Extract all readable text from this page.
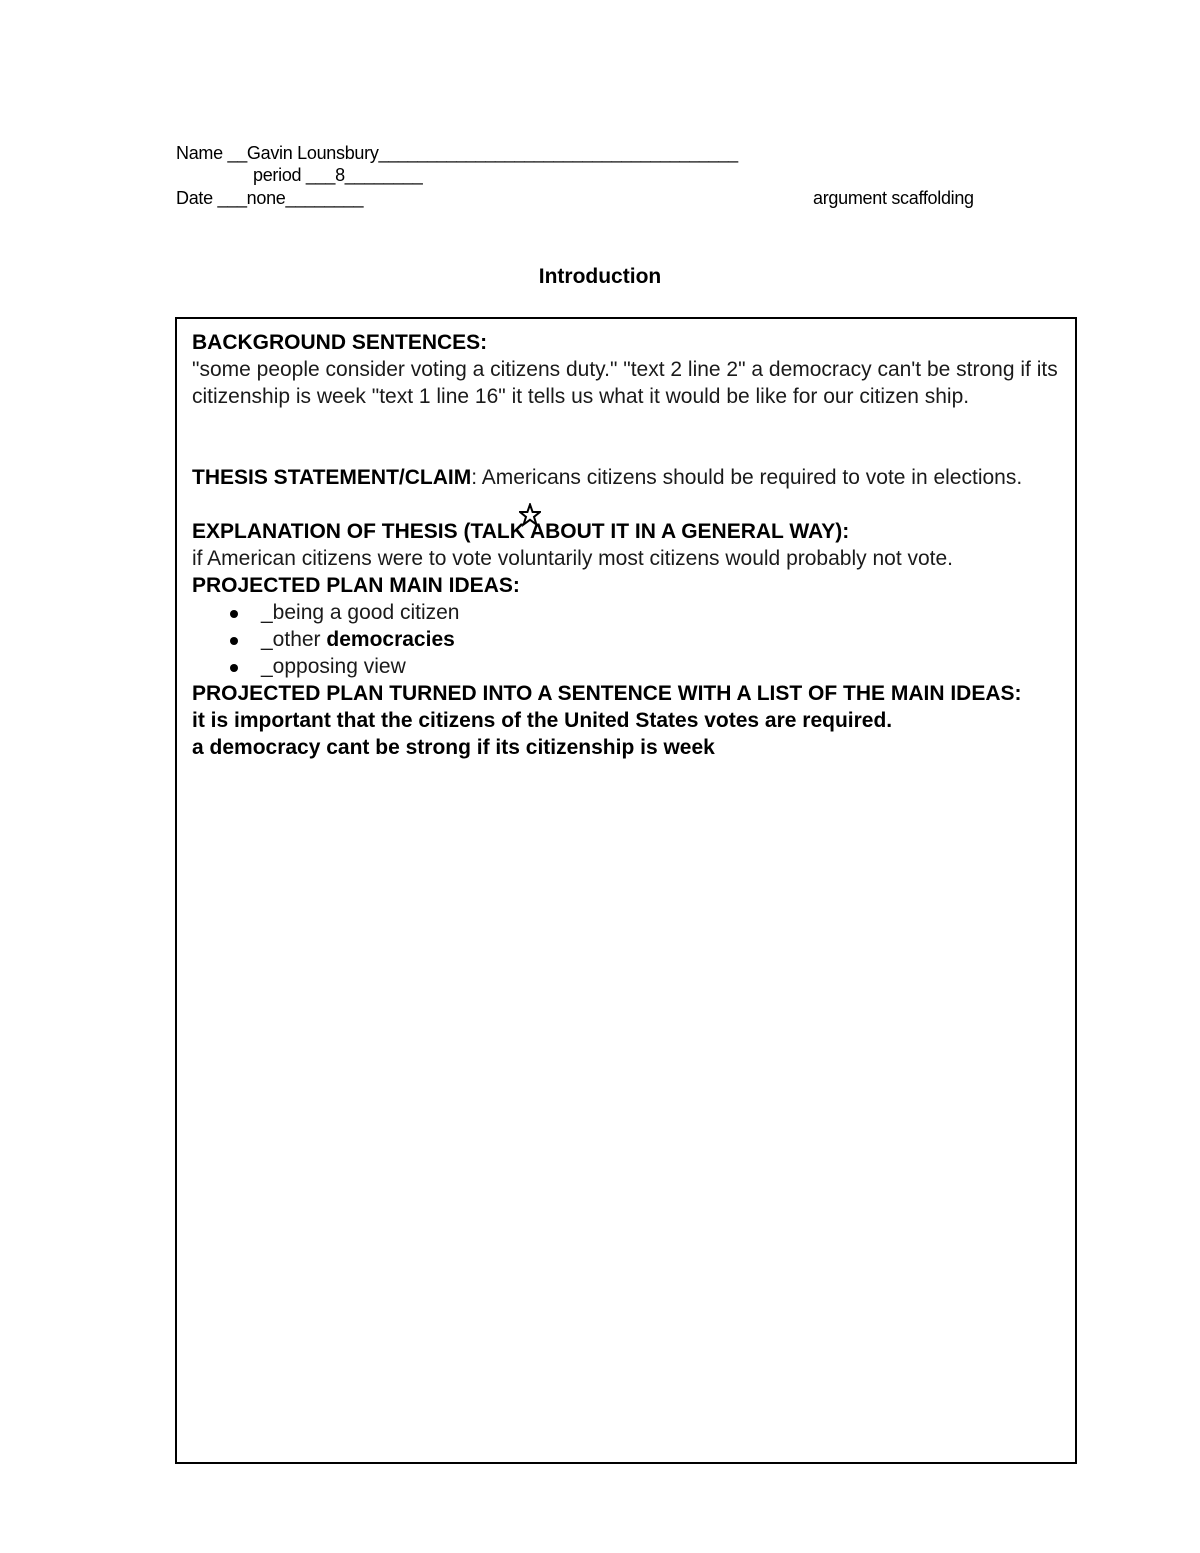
Name __Gavin Lounsbury_____________________________________
period ___8________
Date ___none________	argument scaffolding
Introduction

BACKGROUND SENTENCES:

"some people consider voting a citizens duty." "text 2 line 2" a democracy can't be strong if its citizenship is week "text 1 line 16" it tells us what it would be like for our citizen ship.

THESIS STATEMENT/CLAIM: Americans citizens should be required to vote in elections.

EXPLANATION OF THESIS (TALK ABOUT IT IN A GENERAL WAY):

if American citizens were to vote voluntarily most citizens would probably not vote.

PROJECTED PLAN MAIN IDEAS:

_being a good citizen
_other democracies
_opposing view

PROJECTED PLAN TURNED INTO A SENTENCE WITH A LIST OF THE MAIN IDEAS:

it is important that the citizens of the United States votes are required.

a democracy cant be strong if its citizenship is week
